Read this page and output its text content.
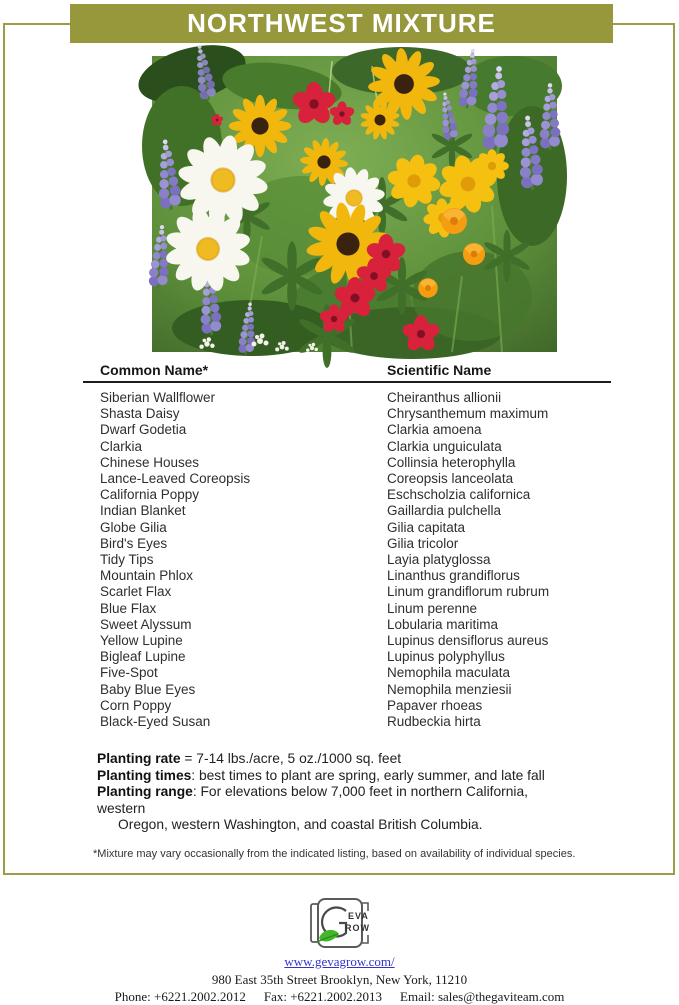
NORTHWEST MIXTURE
Common Name*	Scientific Name
Siberian Wallflower	Cheiranthus allionii
Shasta Daisy	Chrysanthemum maximum
Dwarf Godetia	Clarkia amoena
Clarkia	Clarkia unguiculata
Chinese Houses	Collinsia heterophylla
Lance-Leaved Coreopsis	Coreopsis lanceolata
California Poppy	Eschscholzia californica
Indian Blanket	Gaillardia pulchella
Globe Gilia	Gilia capitata
Bird's Eyes	Gilia tricolor
Tidy Tips	Layia platyglossa
Mountain Phlox	Linanthus grandiflorus
Scarlet Flax	Linum grandiflorum rubrum
Blue Flax	Linum perenne
Sweet Alyssum	Lobularia maritima
Yellow Lupine	Lupinus densiflorus aureus
Bigleaf Lupine	Lupinus polyphyllus
Five-Spot	Nemophila maculata
Baby Blue Eyes	Nemophila menziesii
Corn Poppy	Papaver rhoeas
Black-Eyed Susan	Rudbeckia hirta
Planting rate = 7-14 lbs./acre, 5 oz./1000 sq. feet
Planting times: best times to plant are spring, early summer, and late fall
Planting range: For elevations below 7,000 feet in northern California,
western
Oregon, western Washington, and coastal British Columbia.
*Mixture may vary occasionally from the indicated listing, based on availability of individual species.
EVA
ROW
www.gevagrow.com/
980 East 35th Street Brooklyn, New York, 11210
Phone: +6221.2002.2012 Fax: +6221.2002.2013 Email: sales@thegaviteam.com
